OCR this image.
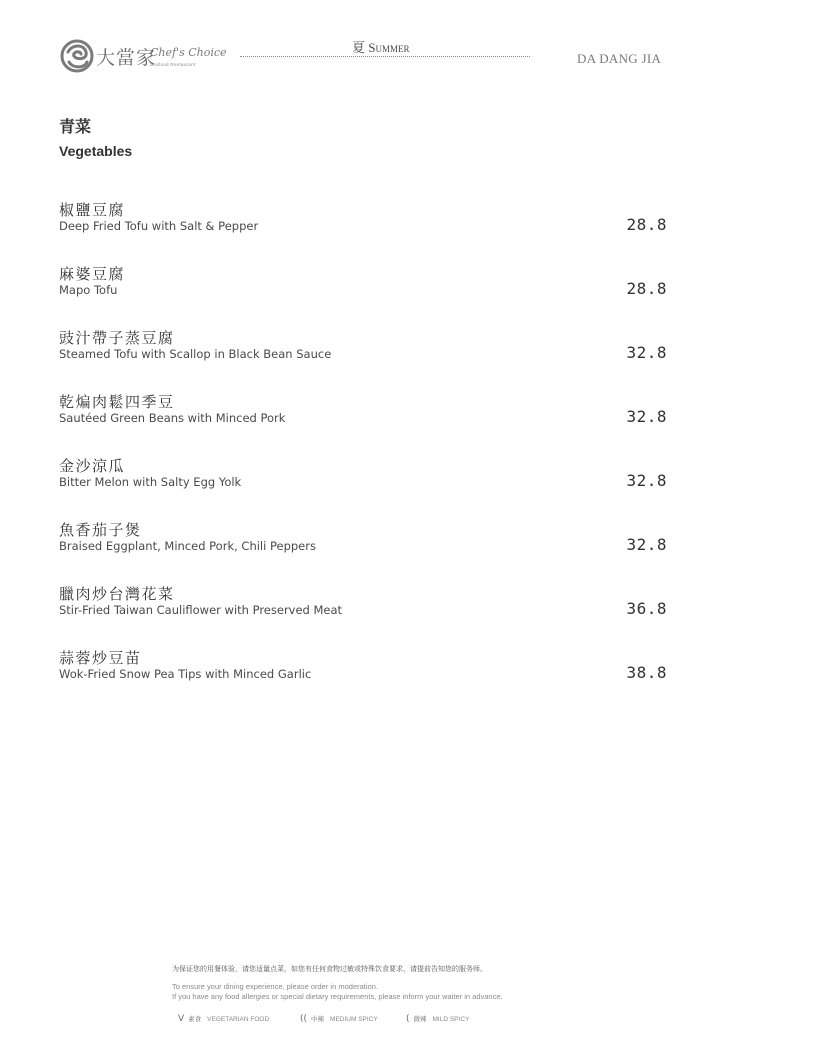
大當家
Chef's Choice
Seafood Restaurant
夏 Summer
DA DANG JIA
青菜
Vegetables
椒鹽豆腐
Deep Fried Tofu with Salt & Pepper	28.8
麻婆豆腐
Mapo Tofu	28.8
豉汁帶子蒸豆腐
Steamed Tofu with Scallop in Black Bean Sauce	32.8
乾煸肉鬆四季豆
Sautéed Green Beans with Minced Pork	32.8
金沙涼瓜
Bitter Melon with Salty Egg Yolk	32.8
魚香茄子煲
Braised Eggplant, Minced Pork, Chili Peppers	32.8
臘肉炒台灣花菜
Stir-Fried Taiwan Cauliflower with Preserved Meat	36.8
蒜蓉炒豆苗
Wok-Fried Snow Pea Tips with Minced Garlic	38.8
为保证您的用餐体验，请您适量点菜，如您有任何食物过敏或特殊饮食要求，请提前告知您的服务师。
To ensure your dining experience, please order in moderation.
If you have any food allergies or special dietary requirements, please inform your waiter in advance.
V 素食 VEGETARIAN FOOD	(( 中辣 MEDIUM SPICY	( 微辣 MILD SPICY
